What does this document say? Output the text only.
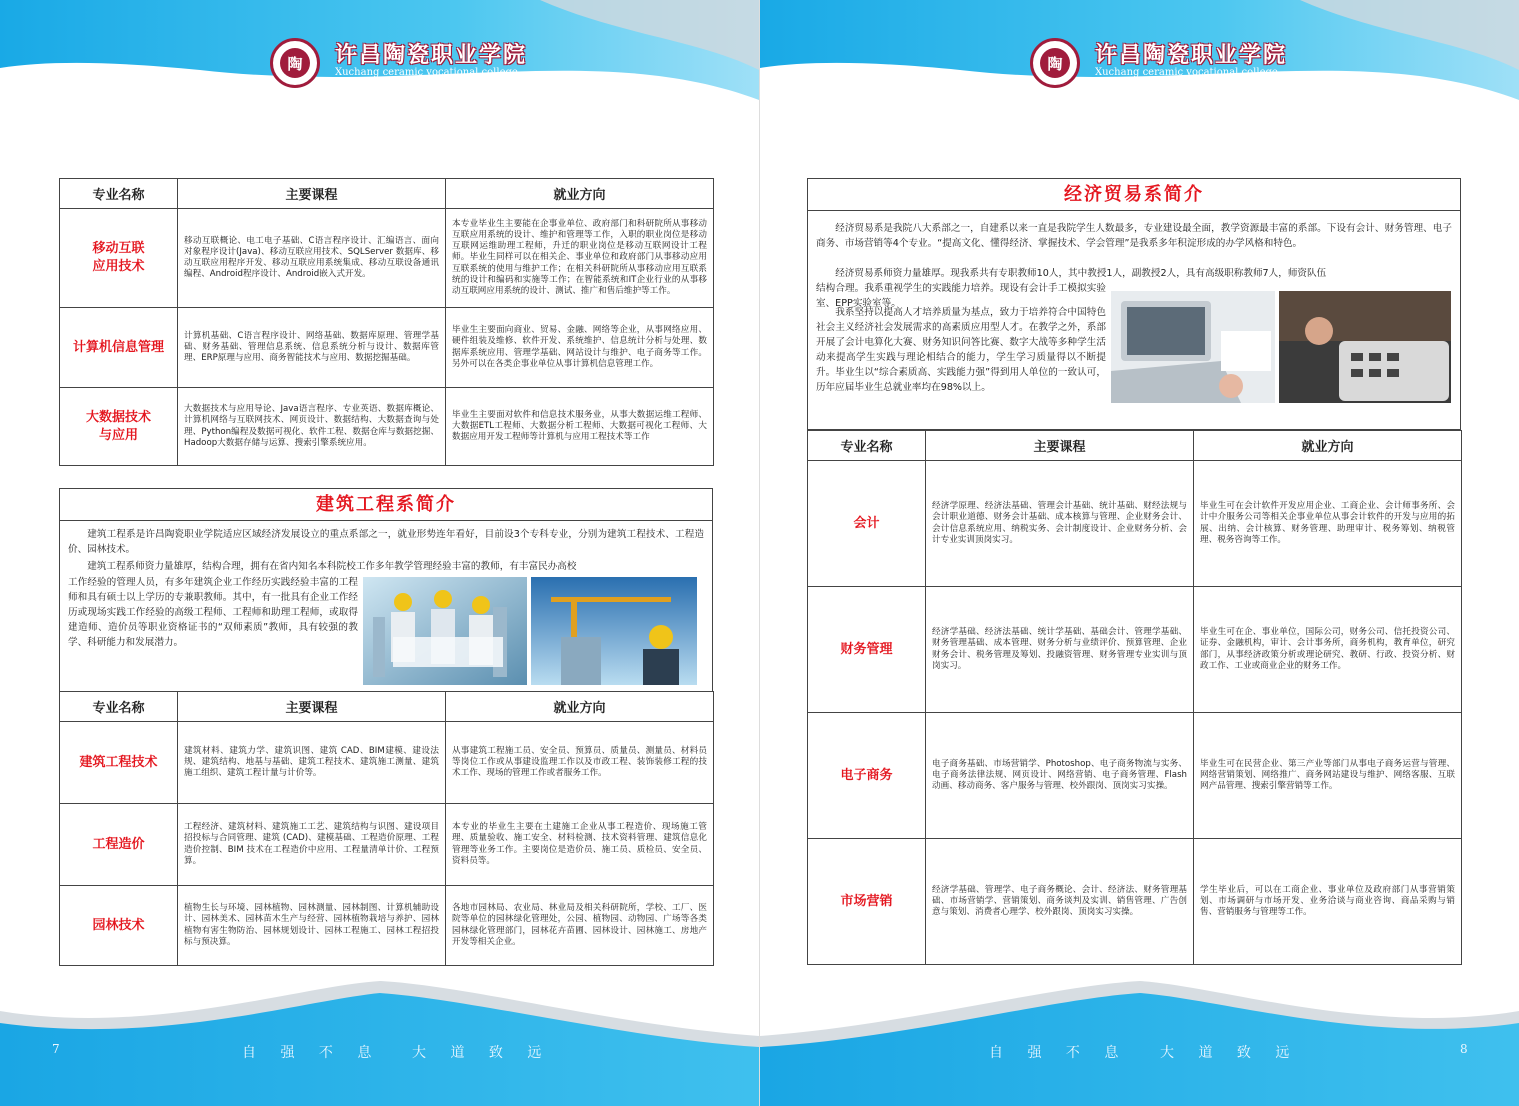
陶	许昌陶瓷职业学院
Xuchang ceramic vocational college
专业名称	主要课程	就业方向
移动互联
应用技术	移动互联概论、电工电子基础、C语言程序设计、汇编语言、面向对象程序设计(Java)、移动互联应用技术、SQLServer 数据库、移动互联应用程序开发、移动互联应用系统集成、移动互联设备通讯编程、Android程序设计、Android嵌入式开发。	本专业毕业生主要能在企事业单位、政府部门和科研院所从事移动互联应用系统的设计、维护和管理等工作，入职的职业岗位是移动互联网运维助理工程师，升迁的职业岗位是移动互联网设计工程师。毕业生同样可以在相关企、事业单位和政府部门从事移动应用互联系统的使用与维护工作；在相关科研院所从事移动应用互联系统的设计和编码和实施等工作；在智能系统和IT企业行业的从事移动互联网应用系统的设计、测试、推广和售后维护等工作。
计算机信息管理	计算机基础、C语言程序设计、网络基础、数据库原理、管理学基础、财务基础、管理信息系统、信息系统分析与设计、数据库管理、ERP原理与应用、商务智能技术与应用、数据挖掘基础。	毕业生主要面向商业、贸易、金融、网络等企业，从事网络应用、硬件组装及维修、软件开发、系统维护、信息统计分析与处理、数据库系统应用、管理学基础、网站设计与维护、电子商务等工作。另外可以在各类企事业单位从事计算机信息管理工作。
大数据技术
与应用	大数据技术与应用导论、Java语言程序、专业英语、数据库概论、计算机网络与互联网技术、网页设计、数据结构、大数据查询与处理、Python编程及数据可视化、软件工程、数据仓库与数据挖掘、Hadoop大数据存储与运算、搜索引擎系统应用。	毕业生主要面对软件和信息技术服务业，从事大数据运维工程师、大数据ETL工程师、大数据分析工程师、大数据可视化工程师、大数据应用开发工程师等计算机与应用工程技术等工作
建筑工程系简介
建筑工程系是许昌陶瓷职业学院适应区域经济发展设立的重点系部之一，就业形势连年看好，目前设3个专科专业，分别为建筑工程技术、工程造价、园林技术。
建筑工程系师资力量雄厚，结构合理，拥有在省内知名本科院校工作多年教学管理经验丰富的教师，有丰富民办高校
工作经验的管理人员，有多年建筑企业工作经历实践经验丰富的工程师和具有硕士以上学历的专兼职教师。其中，有一批具有企业工作经历或现场实践工作经验的高级工程师、工程师和助理工程师，或取得建造师、造价员等职业资格证书的“双师素质”教师，具有较强的教学、科研能力和发展潜力。
专业名称	主要课程	就业方向
建筑工程技术	建筑材料、建筑力学、建筑识图、建筑 CAD、BIM建模、建设法规、建筑结构、地基与基础、建筑工程技术、建筑施工测量、建筑施工组织、建筑工程计量与计价等。	从事建筑工程施工员、安全员、预算员、质量员、测量员、材料员等岗位工作或从事建设监理工作以及市政工程、装饰装修工程的技术工作、现场的管理工作或者服务工作。
工程造价	工程经济、建筑材料、建筑施工工艺、建筑结构与识图、建设项目招投标与合同管理、建筑 (CAD)、建模基础、工程造价原理、工程造价控制、BIM 技术在工程造价中应用、工程量清单计价、工程预算。	本专业的毕业生主要在土建施工企业从事工程造价、现场施工管理、质量验收、施工安全、材料检测、技术资料管理、建筑信息化管理等业务工作。主要岗位是造价员、施工员、质检员、安全员、资料员等。
园林技术	植物生长与环境、园林植物、园林测量、园林制图、计算机辅助设计、园林美术、园林苗木生产与经营、园林植物栽培与养护、园林植物有害生物防治、园林规划设计、园林工程施工、园林工程招投标与预决算。	各地市园林局、农业局、林业局及相关科研院所，学校、工厂、医院等单位的园林绿化管理处，公园、植物园、动物园、广场等各类园林绿化管理部门，园林花卉苗圃、园林设计、园林施工、房地产开发等相关企业。
7	自 强 不 息 大 道 致 远
陶	许昌陶瓷职业学院
Xuchang ceramic vocational college
经济贸易系简介
经济贸易系是我院八大系部之一，自建系以来一直是我院学生人数最多，专业建设最全面，教学资源最丰富的系部。下设有会计、财务管理、电子商务、市场营销等4个专业。“提高文化、懂得经济、掌握技术、学会管理”是我系多年积淀形成的办学风格和特色。
经济贸易系师资力量雄厚。现我系共有专职教师10人，其中教授1人，副教授2人，具有高级职称教师7人，师资队伍
结构合理。我系重视学生的实践能力培养。现设有会计手工模拟实验室、EPP实验室等。
我系坚持以提高人才培养质量为基点，致力于培养符合中国特色社会主义经济社会发展需求的高素质应用型人才。在教学之外，系部开展了会计电算化大赛、财务知识问答比赛、数字大战等多种学生活动来提高学生实践与理论相结合的能力，学生学习质量得以不断提升。毕业生以“综合素质高、实践能力强”得到用人单位的一致认可，历年应届毕业生总就业率均在98%以上。
专业名称	主要课程	就业方向
会计	经济学原理、经济法基础、管理会计基础、统计基础、财经法规与会计职业道德、财务会计基础、成本核算与管理、企业财务会计、会计信息系统应用、纳税实务、会计制度设计、企业财务分析、会计专业实训顶岗实习。	毕业生可在会计软件开发应用企业、工商企业、会计师事务所、会计中介服务公司等相关企事业单位从事会计软件的开发与应用的拓展、出纳、会计核算、财务管理、助理审计、税务筹划、纳税管理、税务咨询等工作。
财务管理	经济学基础、经济法基础、统计学基础、基础会计、管理学基础、财务管理基础、成本管理、财务分析与业绩评价、预算管理、企业财务会计、税务管理及筹划、投融资管理、财务管理专业实训与顶岗实习。	毕业生可在企、事业单位，国际公司，财务公司、信托投资公司、证券、金融机构，审计、会计事务所，商务机构，教育单位，研究部门，从事经济政策分析或理论研究、教研、行政、投资分析、财政工作、工业或商业企业的财务工作。
电子商务	电子商务基础、市场营销学、Photoshop、电子商务物流与实务、电子商务法律法规、网页设计、网络营销、电子商务管理、Flash 动画、移动商务、客户服务与管理、校外跟岗、顶岗实习实操。	毕业生可在民营企业、第三产业等部门从事电子商务运营与管理、网络营销策划、网络推广、商务网站建设与维护、网络客服、互联网产品管理、搜索引擎营销等工作。
市场营销	经济学基础、管理学、电子商务概论、会计、经济法、财务管理基础、市场营销学、营销策划、商务谈判及实训、销售管理、广告创意与策划、消费者心理学、校外跟岗、顶岗实习实操。	学生毕业后，可以在工商企业、事业单位及政府部门从事营销策划、市场调研与市场开发、业务洽谈与商业咨询、商品采购与销售、营销服务与管理等工作。
自 强 不 息 大 道 致 远	8
